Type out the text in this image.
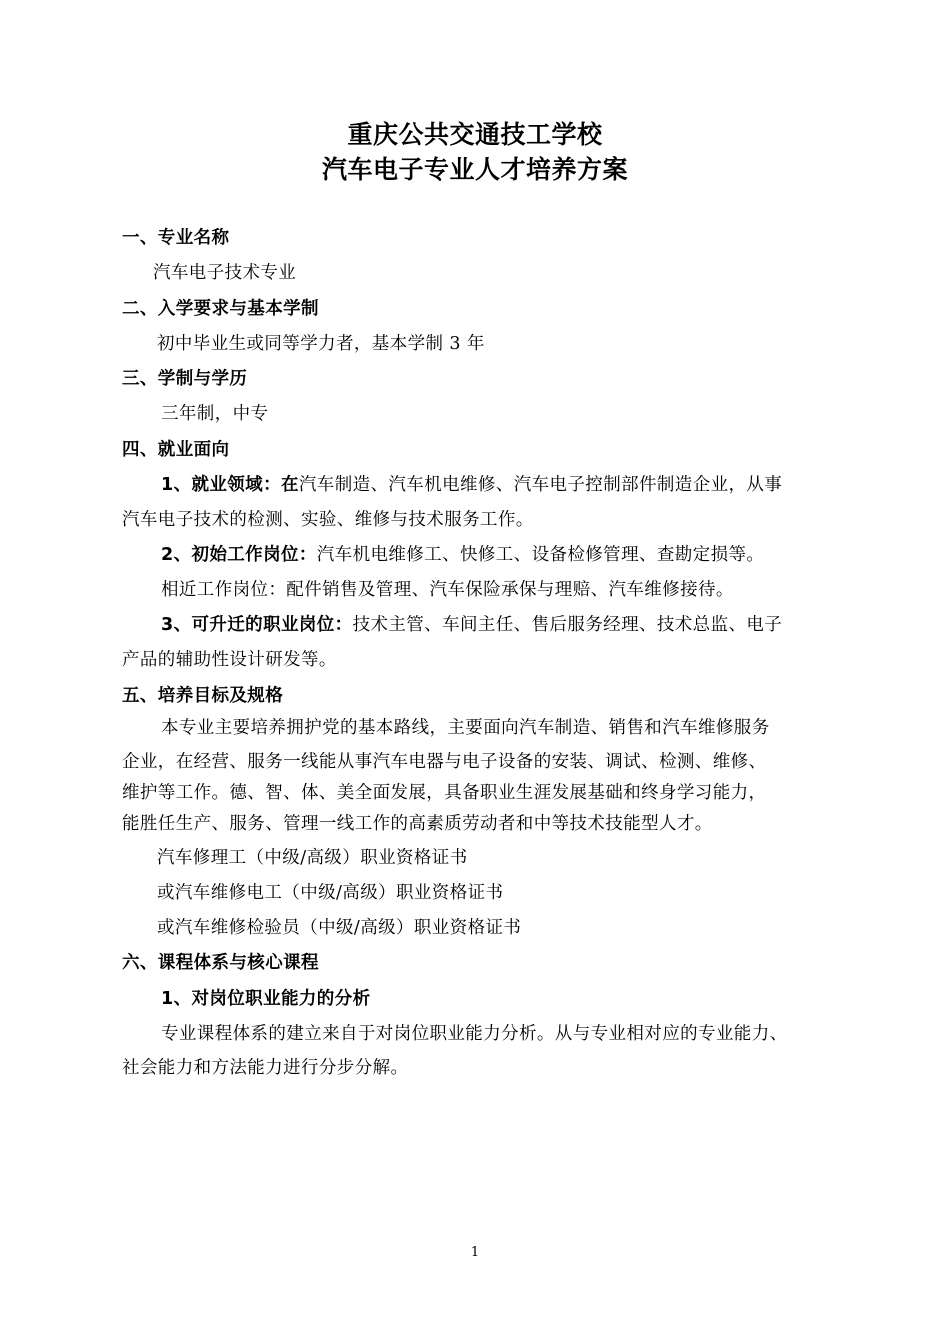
重庆公共交通技工学校
汽车电子专业人才培养方案
一、专业名称
汽车电子技术专业
二、入学要求与基本学制
初中毕业生或同等学力者，基本学制 3 年
三、学制与学历
三年制，中专
四、就业面向
1、就业领域：在汽车制造、汽车机电维修、汽车电子控制部件制造企业，从事
汽车电子技术的检测、实验、维修与技术服务工作。
2、初始工作岗位：汽车机电维修工、快修工、设备检修管理、查勘定损等。
相近工作岗位：配件销售及管理、汽车保险承保与理赔、汽车维修接待。
3、可升迁的职业岗位：技术主管、车间主任、售后服务经理、技术总监、电子
产品的辅助性设计研发等。
五、培养目标及规格
本专业主要培养拥护党的基本路线，主要面向汽车制造、销售和汽车维修服务
企业，在经营、服务一线能从事汽车电器与电子设备的安装、调试、检测、维修、
维护等工作。德、智、体、美全面发展，具备职业生涯发展基础和终身学习能力，
能胜任生产、服务、管理一线工作的高素质劳动者和中等技术技能型人才。
汽车修理工（中级/高级）职业资格证书
或汽车维修电工（中级/高级）职业资格证书
或汽车维修检验员（中级/高级）职业资格证书
六、课程体系与核心课程
1、对岗位职业能力的分析
专业课程体系的建立来自于对岗位职业能力分析。从与专业相对应的专业能力、
社会能力和方法能力进行分步分解。
1
